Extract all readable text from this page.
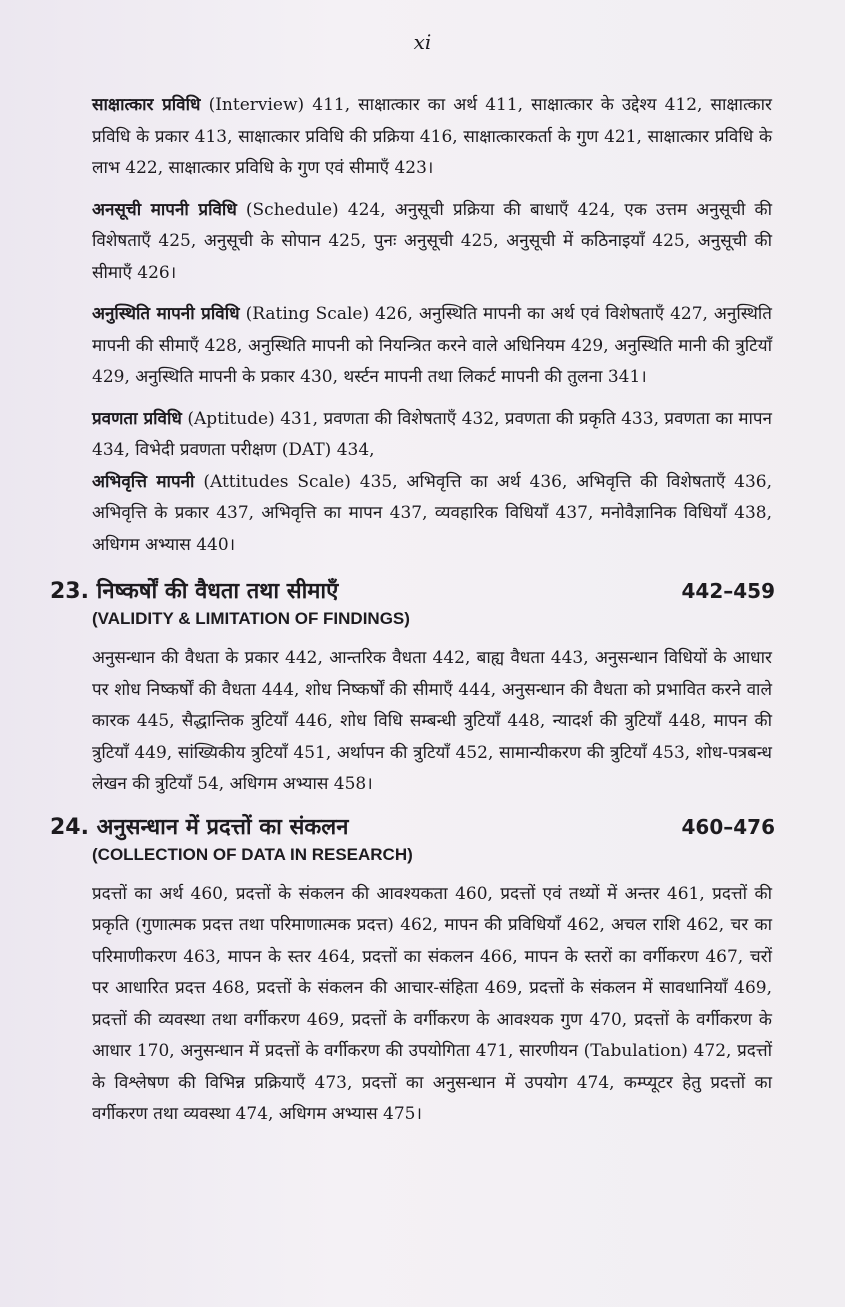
xi

साक्षात्कार प्रविधि (Interview) 411, साक्षात्कार का अर्थ 411, साक्षात्कार के उद्देश्य 412, साक्षात्कार प्रविधि के प्रकार 413, साक्षात्कार प्रविधि की प्रक्रिया 416, साक्षात्कारकर्ता के गुण 421, साक्षात्कार प्रविधि के लाभ 422, साक्षात्कार प्रविधि के गुण एवं सीमाएँ 423।

अनसूची मापनी प्रविधि (Schedule) 424, अनुसूची प्रक्रिया की बाधाएँ 424, एक उत्तम अनुसूची की विशेषताएँ 425, अनुसूची के सोपान 425, पुनः अनुसूची 425, अनुसूची में कठिनाइयाँ 425, अनुसूची की सीमाएँ 426।

अनुस्थिति मापनी प्रविधि (Rating Scale) 426, अनुस्थिति मापनी का अर्थ एवं विशेषताएँ 427, अनुस्थिति मापनी की सीमाएँ 428, अनुस्थिति मापनी को नियन्त्रित करने वाले अधिनियम 429, अनुस्थिति मानी की त्रुटियाँ 429, अनुस्थिति मापनी के प्रकार 430, थर्स्टन मापनी तथा लिकर्ट मापनी की तुलना 341।

प्रवणता प्रविधि (Aptitude) 431, प्रवणता की विशेषताएँ 432, प्रवणता की प्रकृति 433, प्रवणता का मापन 434, विभेदी प्रवणता परीक्षण (DAT) 434,

अभिवृत्ति मापनी (Attitudes Scale) 435, अभिवृत्ति का अर्थ 436, अभिवृत्ति की विशेषताएँ 436, अभिवृत्ति के प्रकार 437, अभिवृत्ति का मापन 437, व्यवहारिक विधियाँ 437, मनोवैज्ञानिक विधियाँ 438, अधिगम अभ्यास 440।

23. निष्कर्षों की वैधता तथा सीमाएँ	442–459
(VALIDITY & LIMITATION OF FINDINGS)

अनुसन्धान की वैधता के प्रकार 442, आन्तरिक वैधता 442, बाह्य वैधता 443, अनुसन्धान विधियों के आधार पर शोध निष्कर्षों की वैधता 444, शोध निष्कर्षों की सीमाएँ 444, अनुसन्धान की वैधता को प्रभावित करने वाले कारक 445, सैद्धान्तिक त्रुटियाँ 446, शोध विधि सम्बन्धी त्रुटियाँ 448, न्यादर्श की त्रुटियाँ 448, मापन की त्रुटियाँ 449, सांख्यिकीय त्रुटियाँ 451, अर्थापन की त्रुटियाँ 452, सामान्यीकरण की त्रुटियाँ 453, शोध-पत्रबन्ध लेखन की त्रुटियाँ 54, अधिगम अभ्यास 458।

24. अनुसन्धान में प्रदत्तों का संकलन	460–476
(COLLECTION OF DATA IN RESEARCH)

प्रदत्तों का अर्थ 460, प्रदत्तों के संकलन की आवश्यकता 460, प्रदत्तों एवं तथ्यों में अन्तर 461, प्रदत्तों की प्रकृति (गुणात्मक प्रदत्त तथा परिमाणात्मक प्रदत्त) 462, मापन की प्रविधियाँ 462, अचल राशि 462, चर का परिमाणीकरण 463, मापन के स्तर 464, प्रदत्तों का संकलन 466, मापन के स्तरों का वर्गीकरण 467, चरों पर आधारित प्रदत्त 468, प्रदत्तों के संकलन की आचार-संहिता 469, प्रदत्तों के संकलन में सावधानियाँ 469, प्रदत्तों की व्यवस्था तथा वर्गीकरण 469, प्रदत्तों के वर्गीकरण के आवश्यक गुण 470, प्रदत्तों के वर्गीकरण के आधार 170, अनुसन्धान में प्रदत्तों के वर्गीकरण की उपयोगिता 471, सारणीयन (Tabulation) 472, प्रदत्तों के विश्लेषण की विभिन्न प्रक्रियाएँ 473, प्रदत्तों का अनुसन्धान में उपयोग 474, कम्प्यूटर हेतु प्रदत्तों का वर्गीकरण तथा व्यवस्था 474, अधिगम अभ्यास 475।
